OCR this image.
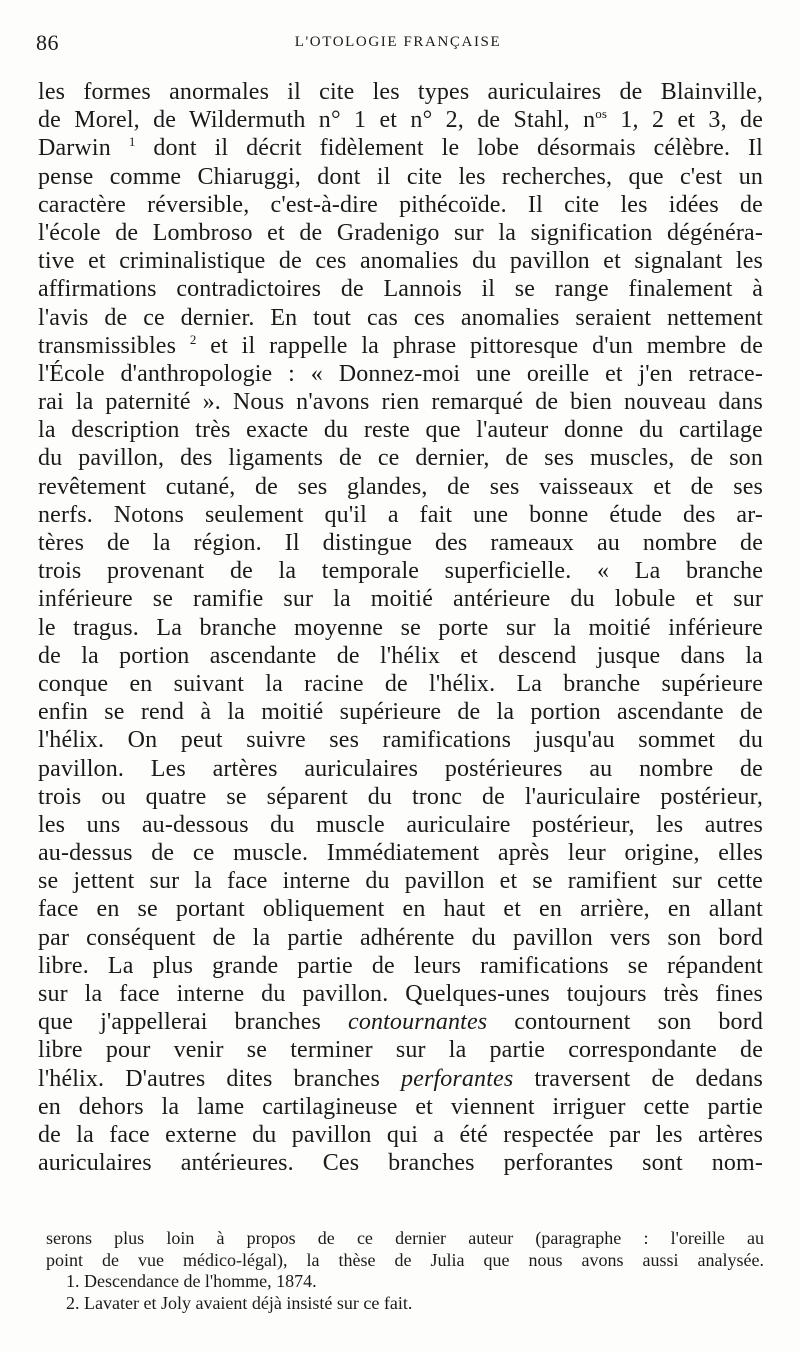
86	L'OTOLOGIE FRANÇAISE
les formes anormales il cite les types auriculaires de Blainville,
de Morel, de Wildermuth n° 1 et n° 2, de Stahl, $n^{os}$ 1, 2 et 3, de
Darwin $^1$ dont il décrit fidèlement le lobe désormais célèbre. Il
pense comme Chiaruggi, dont il cite les recherches, que c'est un
caractère réversible, c'est-à-dire pithécoïde. Il cite les idées de
l'école de Lombroso et de Gradenigo sur la signification dégénéra-
tive et criminalistique de ces anomalies du pavillon et signalant les
affirmations contradictoires de Lannois il se range finalement à
l'avis de ce dernier. En tout cas ces anomalies seraient nettement
transmissibles $^2$ et il rappelle la phrase pittoresque d'un membre de
l'École d'anthropologie : « Donnez-moi une oreille et j'en retrace-
rai la paternité ». Nous n'avons rien remarqué de bien nouveau dans
la description très exacte du reste que l'auteur donne du cartilage
du pavillon, des ligaments de ce dernier, de ses muscles, de son
revêtement cutané, de ses glandes, de ses vaisseaux et de ses
nerfs. Notons seulement qu'il a fait une bonne étude des ar-
tères de la région. Il distingue des rameaux au nombre de
trois provenant de la temporale superficielle. « La branche
inférieure se ramifie sur la moitié antérieure du lobule et sur
le tragus. La branche moyenne se porte sur la moitié inférieure
de la portion ascendante de l'hélix et descend jusque dans la
conque en suivant la racine de l'hélix. La branche supérieure
enfin se rend à la moitié supérieure de la portion ascendante de
l'hélix. On peut suivre ses ramifications jusqu'au sommet du
pavillon. Les artères auriculaires postérieures au nombre de
trois ou quatre se séparent du tronc de l'auriculaire postérieur,
les uns au-dessous du muscle auriculaire postérieur, les autres
au-dessus de ce muscle. Immédiatement après leur origine, elles
se jettent sur la face interne du pavillon et se ramifient sur cette
face en se portant obliquement en haut et en arrière, en allant
par conséquent de la partie adhérente du pavillon vers son bord
libre. La plus grande partie de leurs ramifications se répandent
sur la face interne du pavillon. Quelques-unes toujours très fines
que j'appellerai branches contournantes contournent son bord
libre pour venir se terminer sur la partie correspondante de
l'hélix. D'autres dites branches perforantes traversent de dedans
en dehors la lame cartilagineuse et viennent irriguer cette partie
de la face externe du pavillon qui a été respectée par les artères
auriculaires antérieures. Ces branches perforantes sont nom-
serons plus loin à propos de ce dernier auteur (paragraphe : l'oreille au
point de vue médico-légal), la thèse de Julia que nous avons aussi analysée.
1. Descendance de l'homme, 1874.
2. Lavater et Joly avaient déjà insisté sur ce fait.
